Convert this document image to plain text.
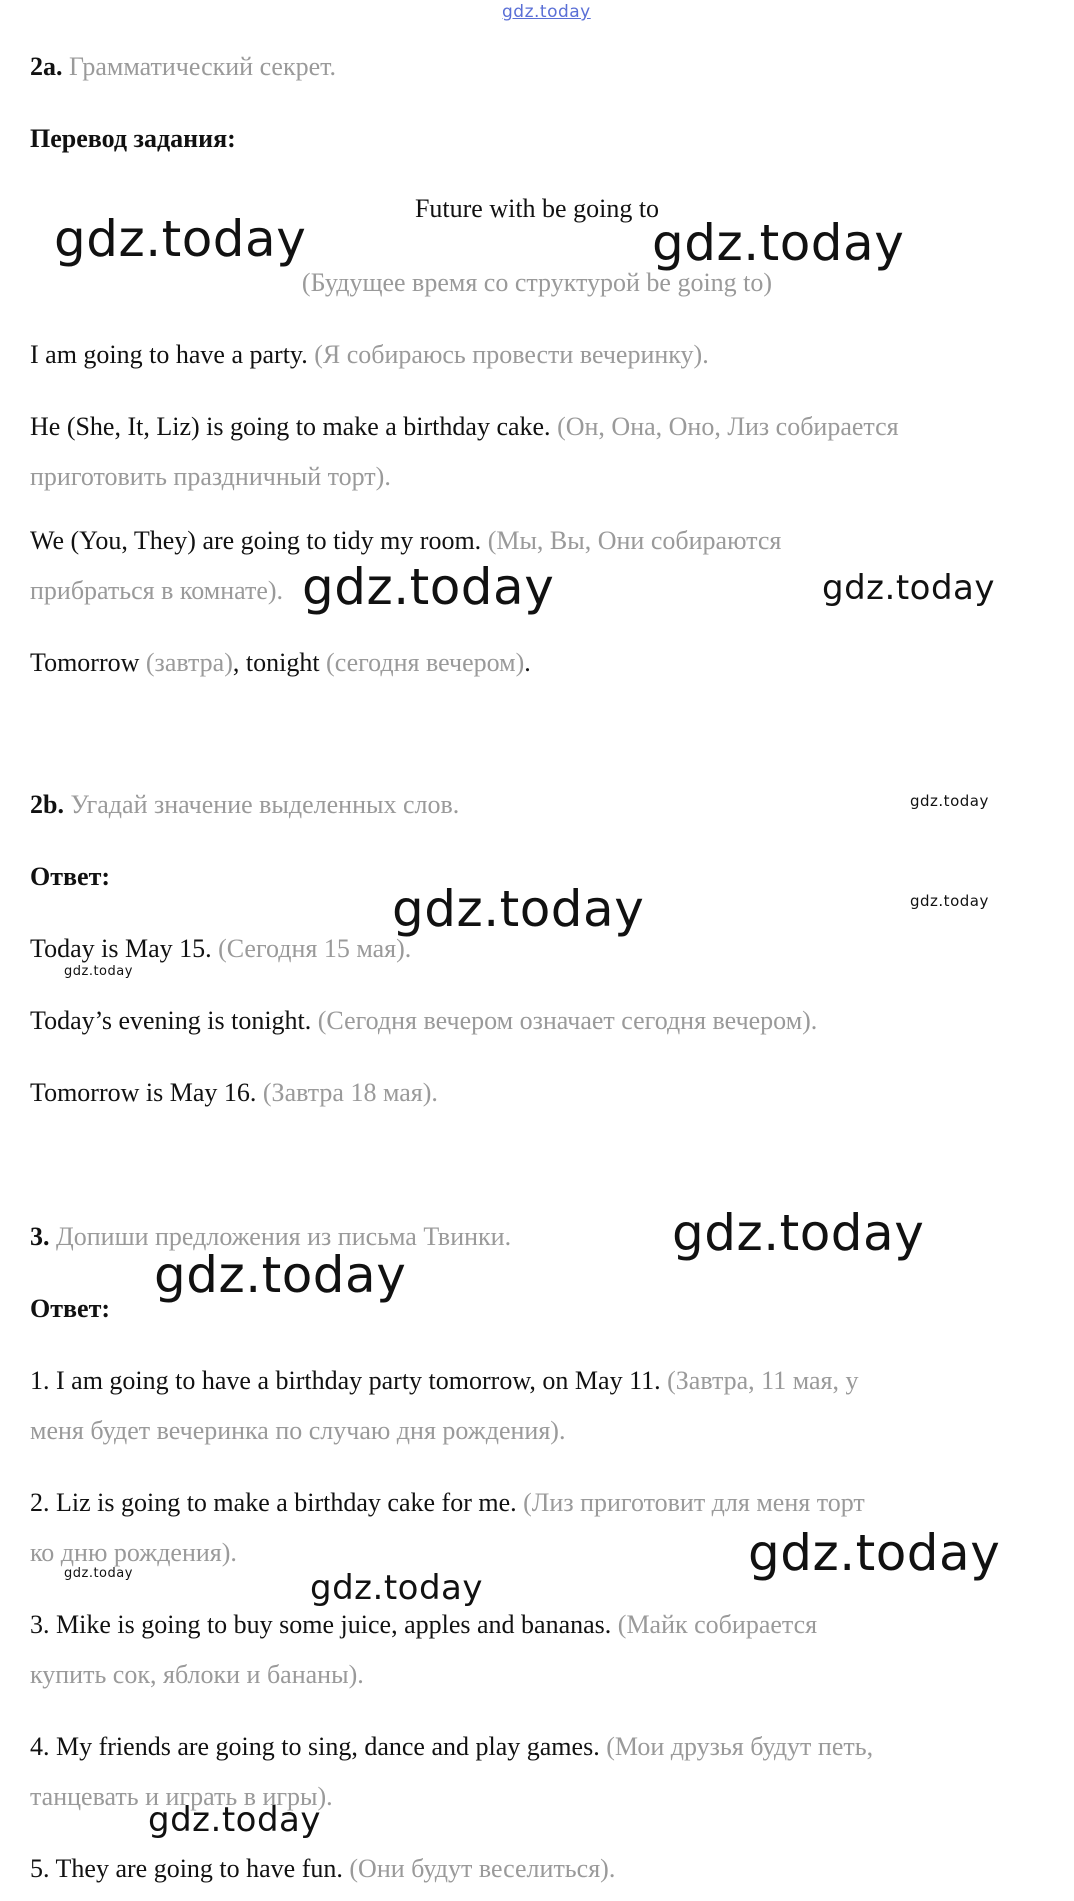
gdz.today
2a. Грамматический секрет.
Перевод задания:
Future with be going to
(Будущее время со структурой be going to)
I am going to have a party. (Я собираюсь провести вечеринку).
He (She, It, Liz) is going to make a birthday cake. (Он, Она, Оно, Лиз собирается
приготовить праздничный торт).
We (You, They) are going to tidy my room. (Мы, Вы, Они собираются
прибраться в комнате).
Tomorrow (завтра), tonight (сегодня вечером).
2b. Угадай значение выделенных слов.
Ответ:
Today is May 15. (Сегодня 15 мая).
Today’s evening is tonight. (Сегодня вечером означает сегодня вечером).
Tomorrow is May 16. (Завтра 18 мая).
3. Допиши предложения из письма Твинки.
Ответ:
1. I am going to have a birthday party tomorrow, on May 11. (Завтра, 11 мая, у
меня будет вечеринка по случаю дня рождения).
2. Liz is going to make a birthday cake for me. (Лиз приготовит для меня торт
ко дню рождения).
3. Mike is going to buy some juice, apples and bananas. (Майк собирается
купить сок, яблоки и бананы).
4. My friends are going to sing, dance and play games. (Мои друзья будут петь,
танцевать и играть в игры).
5. They are going to have fun. (Они будут веселиться).
gdz.today	gdz.today
gdz.today	gdz.today
gdz.today
gdz.today
gdz.today
gdz.today
gdz.today
gdz.today
gdz.today
gdz.today	gdz.today
gdz.today
